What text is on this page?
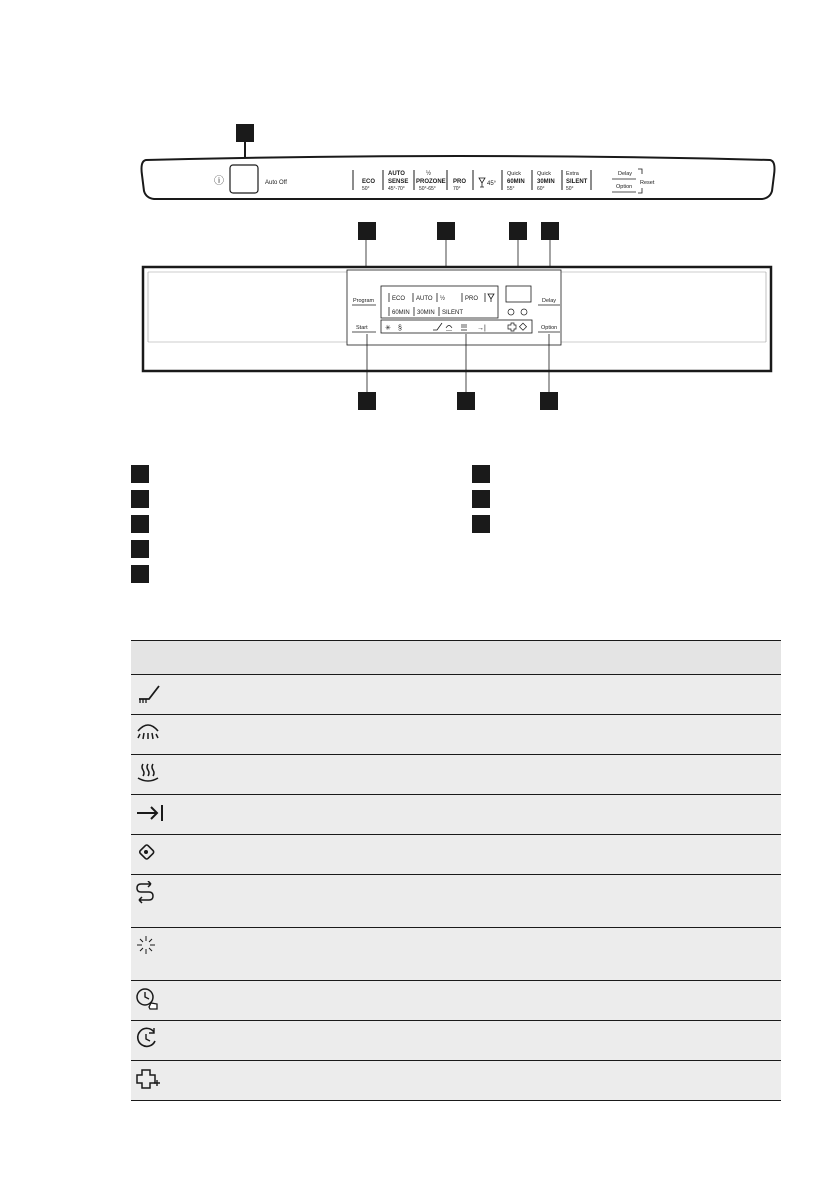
ⓘ	Auto Off	ECO
50°
AUTO
SENSE
45°-70°
½
PROZONE
50°-65°
PRO
70°
45°
Quick
60MIN
55°
Quick
30MIN
60°
Extra
SILENT
50°
Delay
Option
Reset
Program
Start
Delay
Option
ECO AUTO ½	PRO
60MIN 30MIN SILENT
✳ §	→|
